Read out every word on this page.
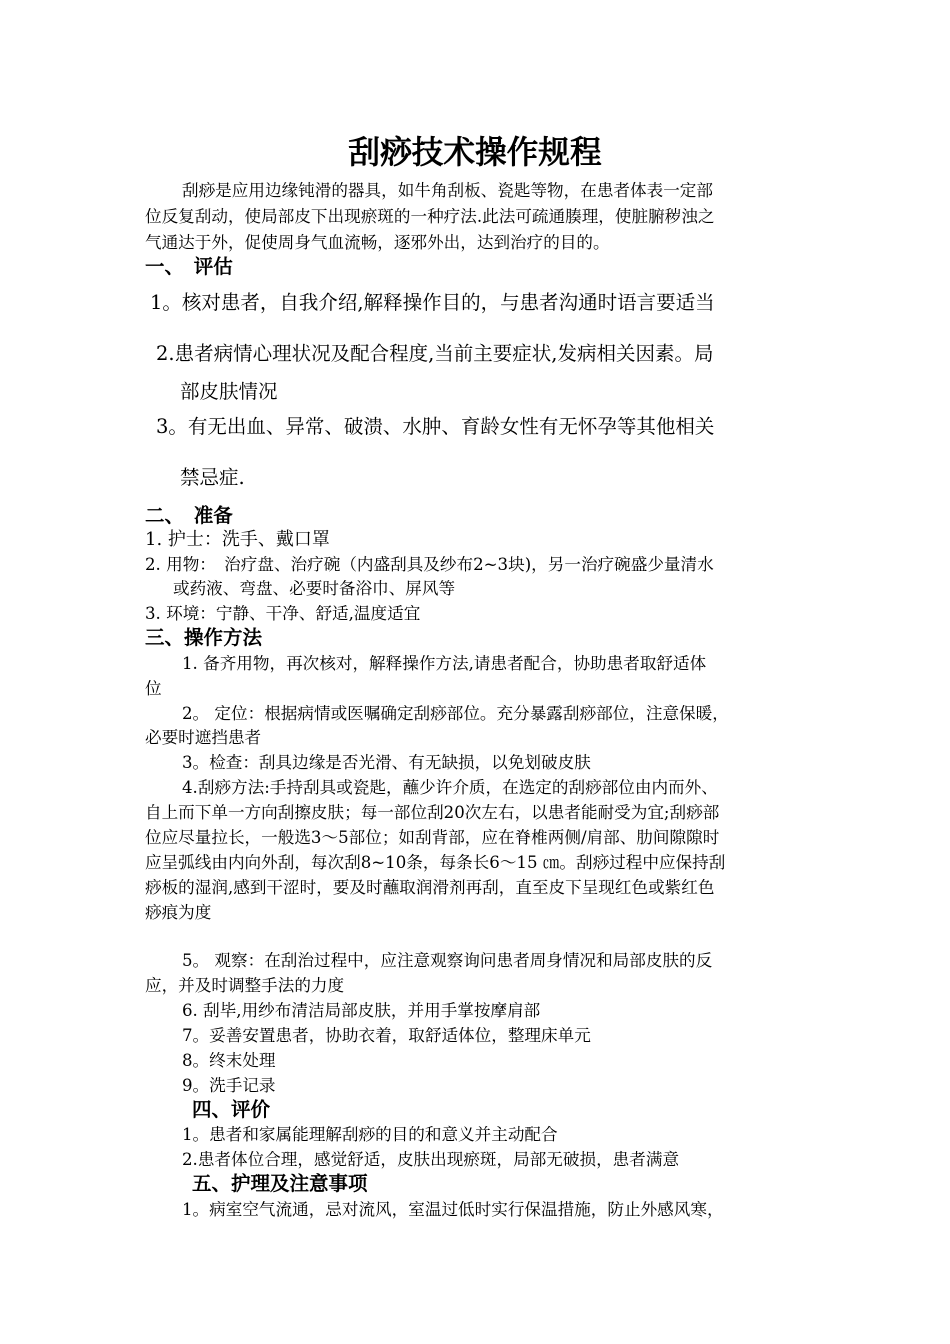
刮痧技术操作规程
刮痧是应用边缘钝滑的器具，如牛角刮板、瓷匙等物，在患者体表一定部
位反复刮动，使局部皮下出现瘀斑的一种疗法.此法可疏通腠理，使脏腑秽浊之
气通达于外，促使周身气血流畅，逐邪外出，达到治疗的目的。
一、　评估
1。核对患者，自我介绍,解释操作目的，与患者沟通时语言要适当
2.患者病情心理状况及配合程度,当前主要症状,发病相关因素。局
部皮肤情况
3。有无出血、异常、破溃、水肿、育龄女性有无怀孕等其他相关
禁忌症.
二、　准备
1. 护士：洗手、戴口罩
2. 用物：　治疗盘、治疗碗（内盛刮具及纱布2~3块)，另一治疗碗盛少量清水
或药液、弯盘、必要时备浴巾、屏风等
3. 环境：宁静、干净、舒适,温度适宜
三、操作方法
1. 备齐用物，再次核对，解释操作方法,请患者配合，协助患者取舒适体
位
2。 定位：根据病情或医嘱确定刮痧部位。充分暴露刮痧部位，注意保暖，
必要时遮挡患者
3。检查：刮具边缘是否光滑、有无缺损，以免划破皮肤
4.刮痧方法:手持刮具或瓷匙，蘸少许介质，在选定的刮痧部位由内而外、
自上而下单一方向刮擦皮肤；每一部位刮20次左右，以患者能耐受为宜;刮痧部
位应尽量拉长，一般选3～5部位；如刮背部，应在脊椎两侧/肩部、肋间隙隙时
应呈弧线由内向外刮，每次刮8~10条，每条长6～15 ㎝。刮痧过程中应保持刮
痧板的湿润,感到干涩时，要及时蘸取润滑剂再刮，直至皮下呈现红色或紫红色
痧痕为度
5。 观察：在刮治过程中，应注意观察询问患者周身情况和局部皮肤的反
应，并及时调整手法的力度
6. 刮毕,用纱布清洁局部皮肤，并用手掌按摩肩部
7。妥善安置患者，协助衣着，取舒适体位，整理床单元
8。终末处理
9。洗手记录
四、评价
1。患者和家属能理解刮痧的目的和意义并主动配合
2.患者体位合理，感觉舒适，皮肤出现瘀斑，局部无破损，患者满意
五、护理及注意事项
1。病室空气流通，忌对流风，室温过低时实行保温措施，防止外感风寒，
